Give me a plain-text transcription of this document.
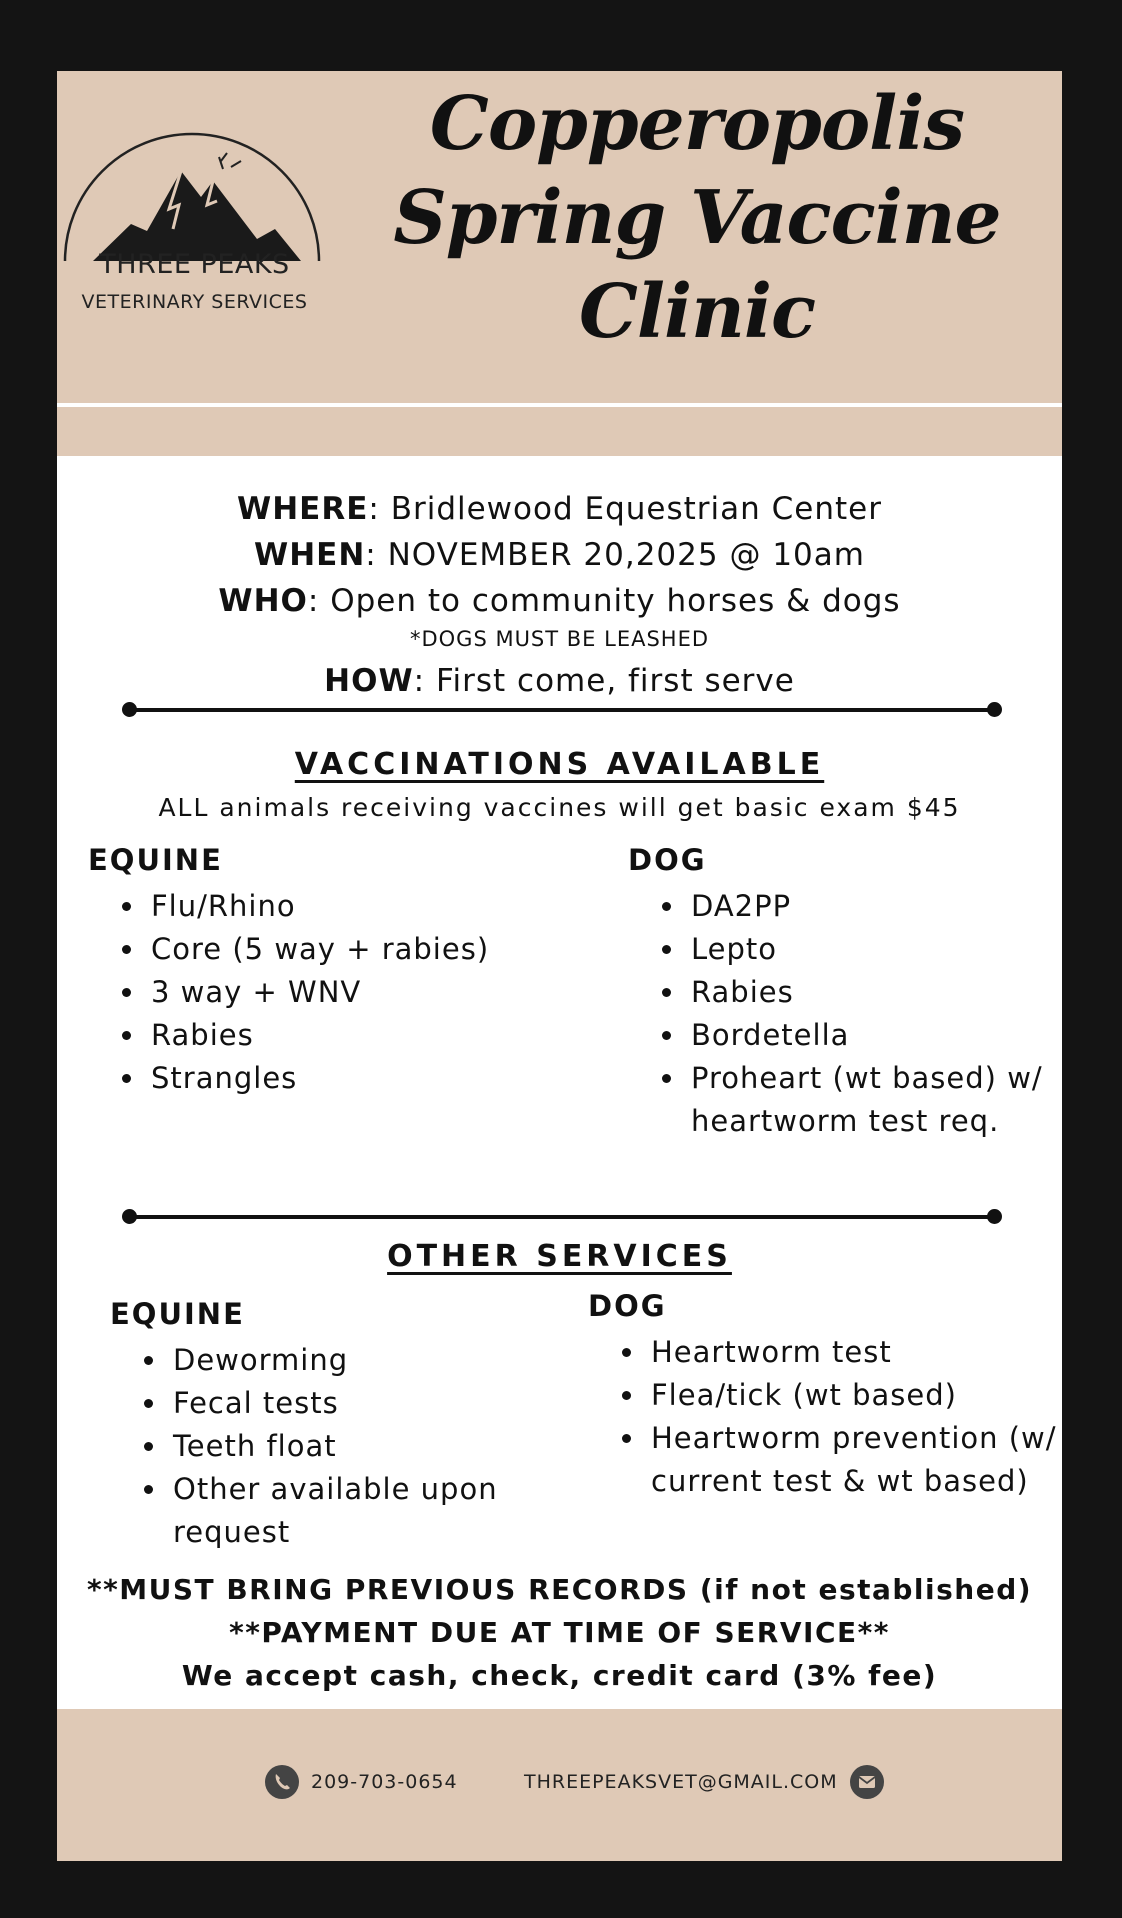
THREE PEAKS
VETERINARY SERVICES
Copperopolis
Spring Vaccine
Clinic
WHERE: Bridlewood Equestrian Center
WHEN: NOVEMBER 20,2025 @ 10am
WHO: Open to community horses & dogs
*DOGS MUST BE LEASHED
HOW: First come, first serve
VACCINATIONS AVAILABLE
ALL animals receiving vaccines will get basic exam $45
EQUINE
• Flu/Rhino
• Core (5 way + rabies)
• 3 way + WNV
• Rabies
• Strangles
DOG
• DA2PP
• Lepto
• Rabies
• Bordetella
• Proheart (wt based) w/ heartworm test req.
OTHER SERVICES
EQUINE
• Deworming
• Fecal tests
• Teeth float
• Other available upon request
DOG
• Heartworm test
• Flea/tick (wt based)
• Heartworm prevention (w/ current test & wt based)
**MUST BRING PREVIOUS RECORDS (if not established)
**PAYMENT DUE AT TIME OF SERVICE**
We accept cash, check, credit card (3% fee)
209-703-0654	THREEPEAKSVET@GMAIL.COM
